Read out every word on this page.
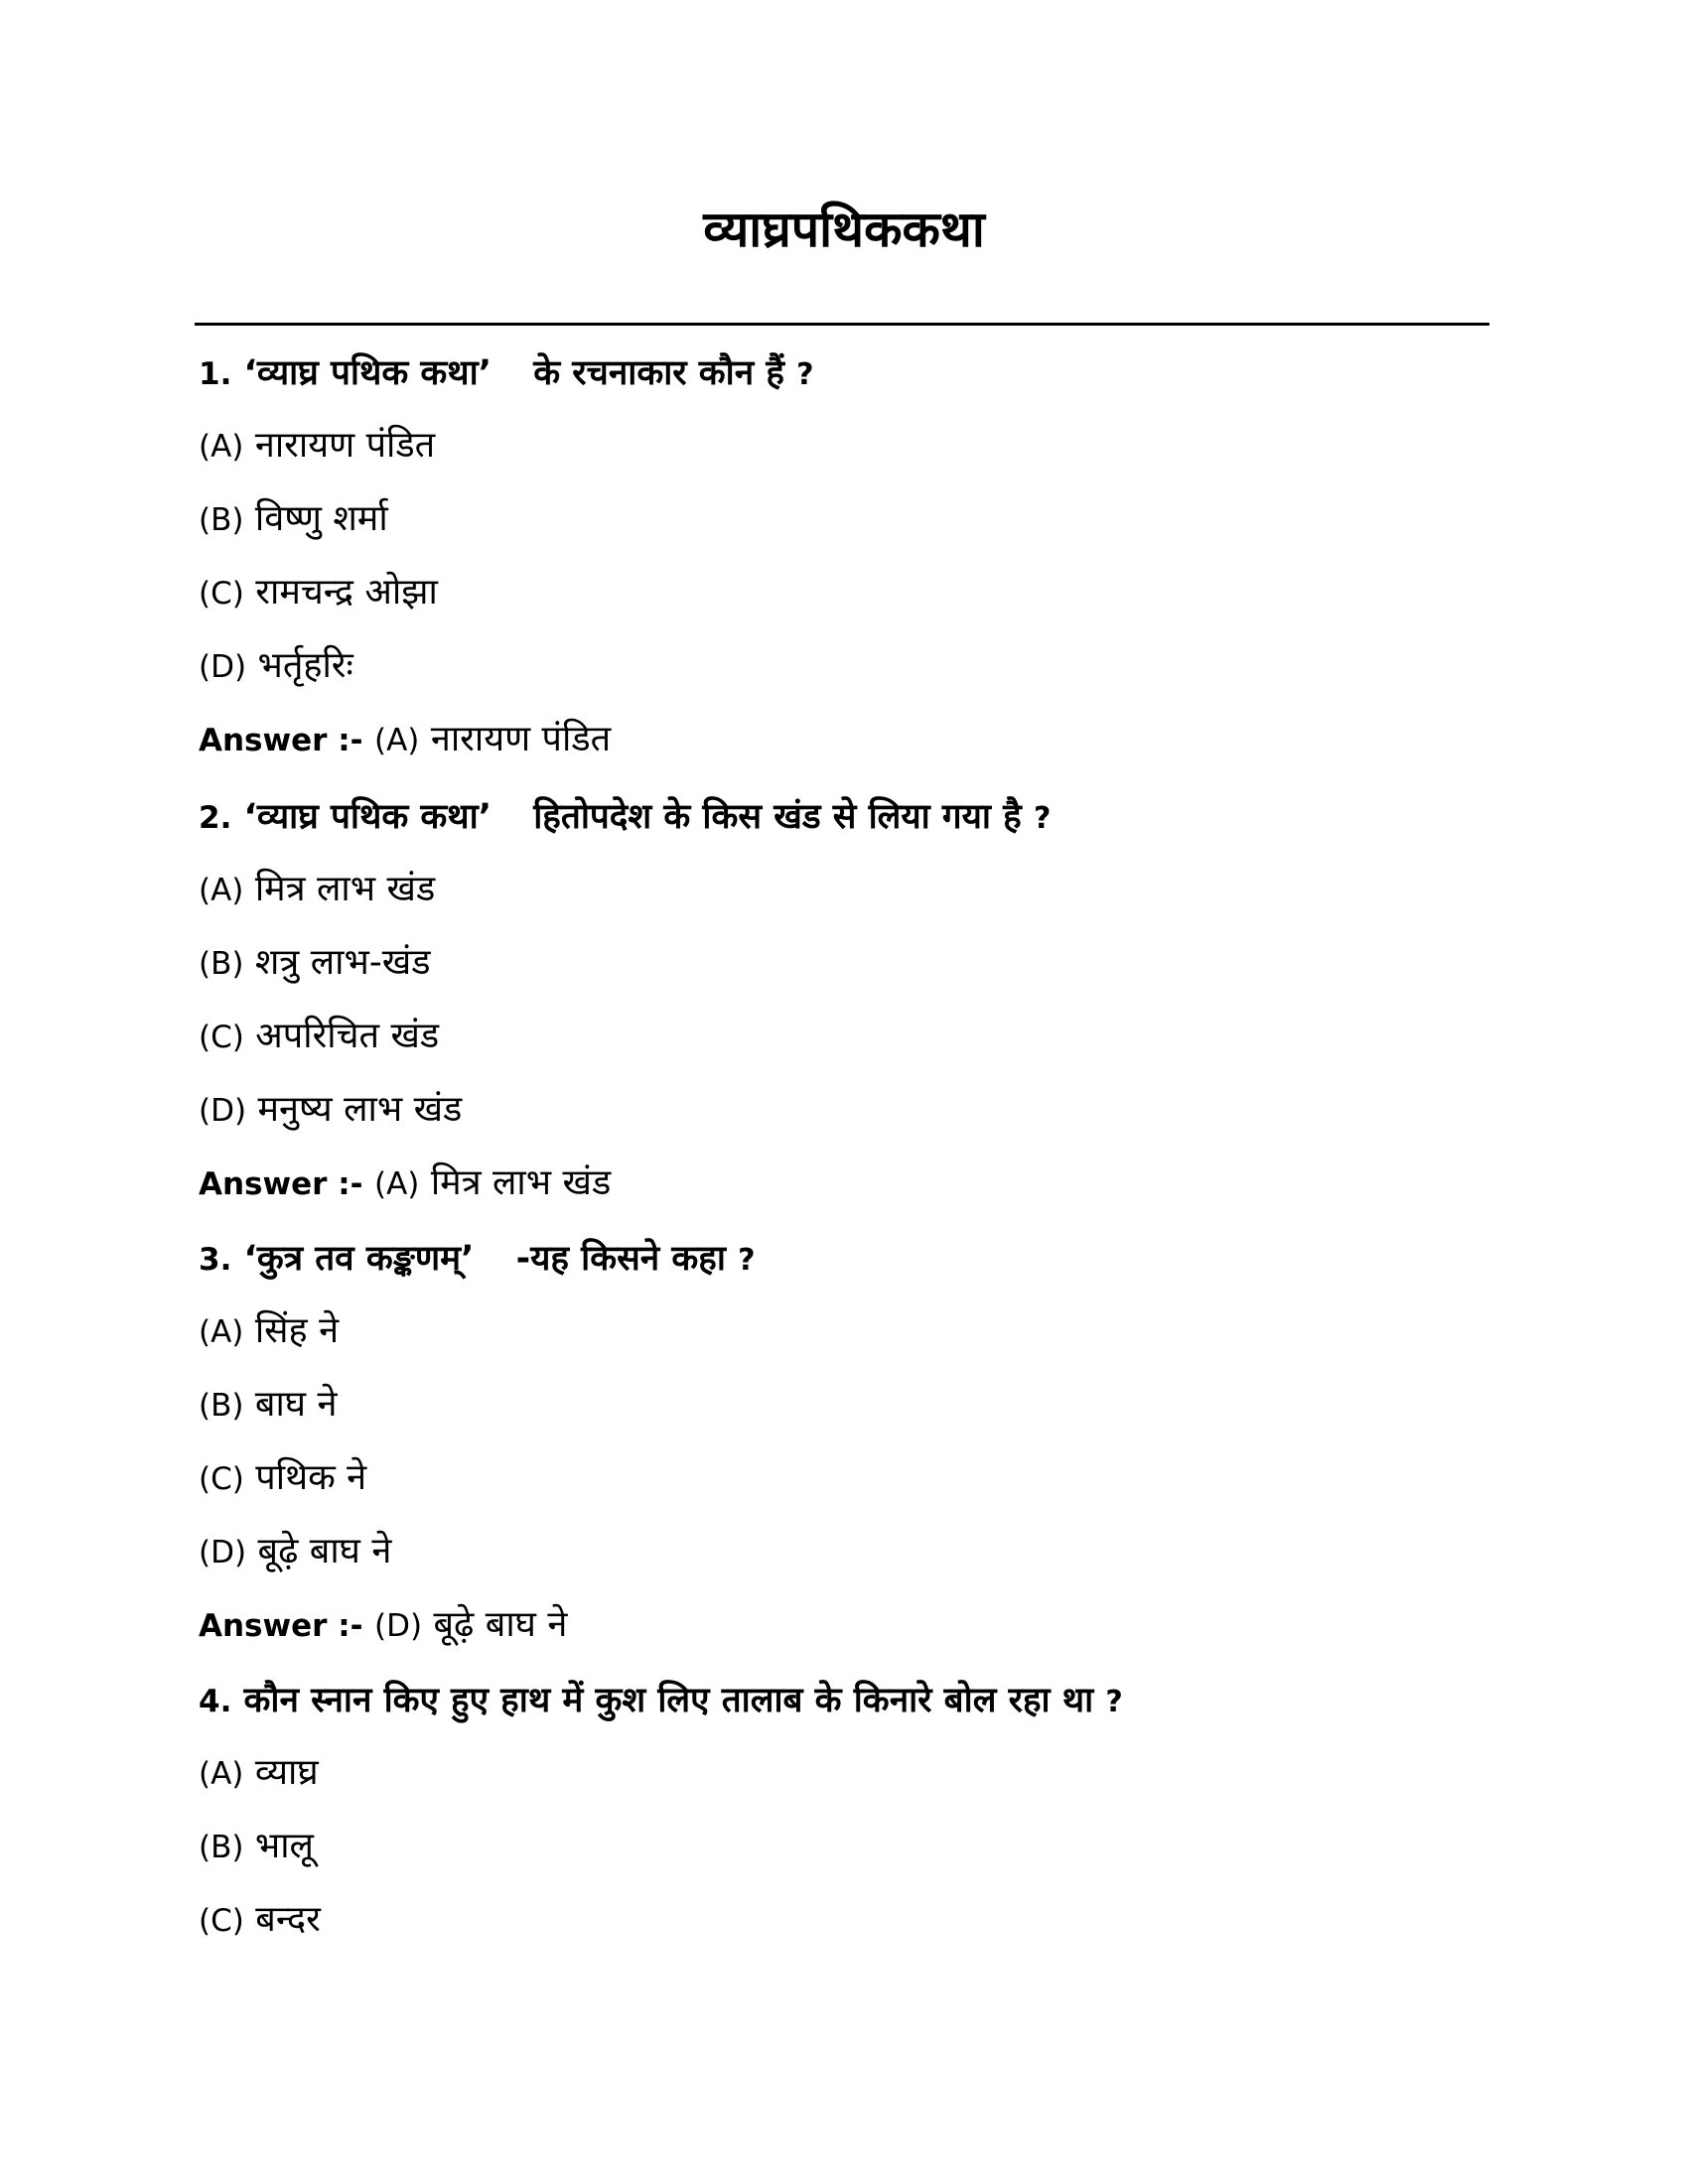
व्याघ्रपथिककथा

1. ‘व्याघ्र पथिक कथा’ के रचनाकार कौन हैं ?

(A) नारायण पंडित

(B) विष्णु शर्मा

(C) रामचन्द्र ओझा

(D) भर्तृहरिः

Answer :- (A) नारायण पंडित

2. ‘व्याघ्र पथिक कथा’ हितोपदेश के किस खंड से लिया गया है ?

(A) मित्र लाभ खंड

(B) शत्रु लाभ-खंड

(C) अपरिचित खंड

(D) मनुष्य लाभ खंड

Answer :- (A) मित्र लाभ खंड

3. ‘कुत्र तव कङ्कणम्’ -यह किसने कहा ?

(A) सिंह ने

(B) बाघ ने

(C) पथिक ने

(D) बूढ़े बाघ ने

Answer :- (D) बूढ़े बाघ ने

4. कौन स्नान किए हुए हाथ में कुश लिए तालाब के किनारे बोल रहा था ?

(A) व्याघ्र

(B) भालू

(C) बन्दर
